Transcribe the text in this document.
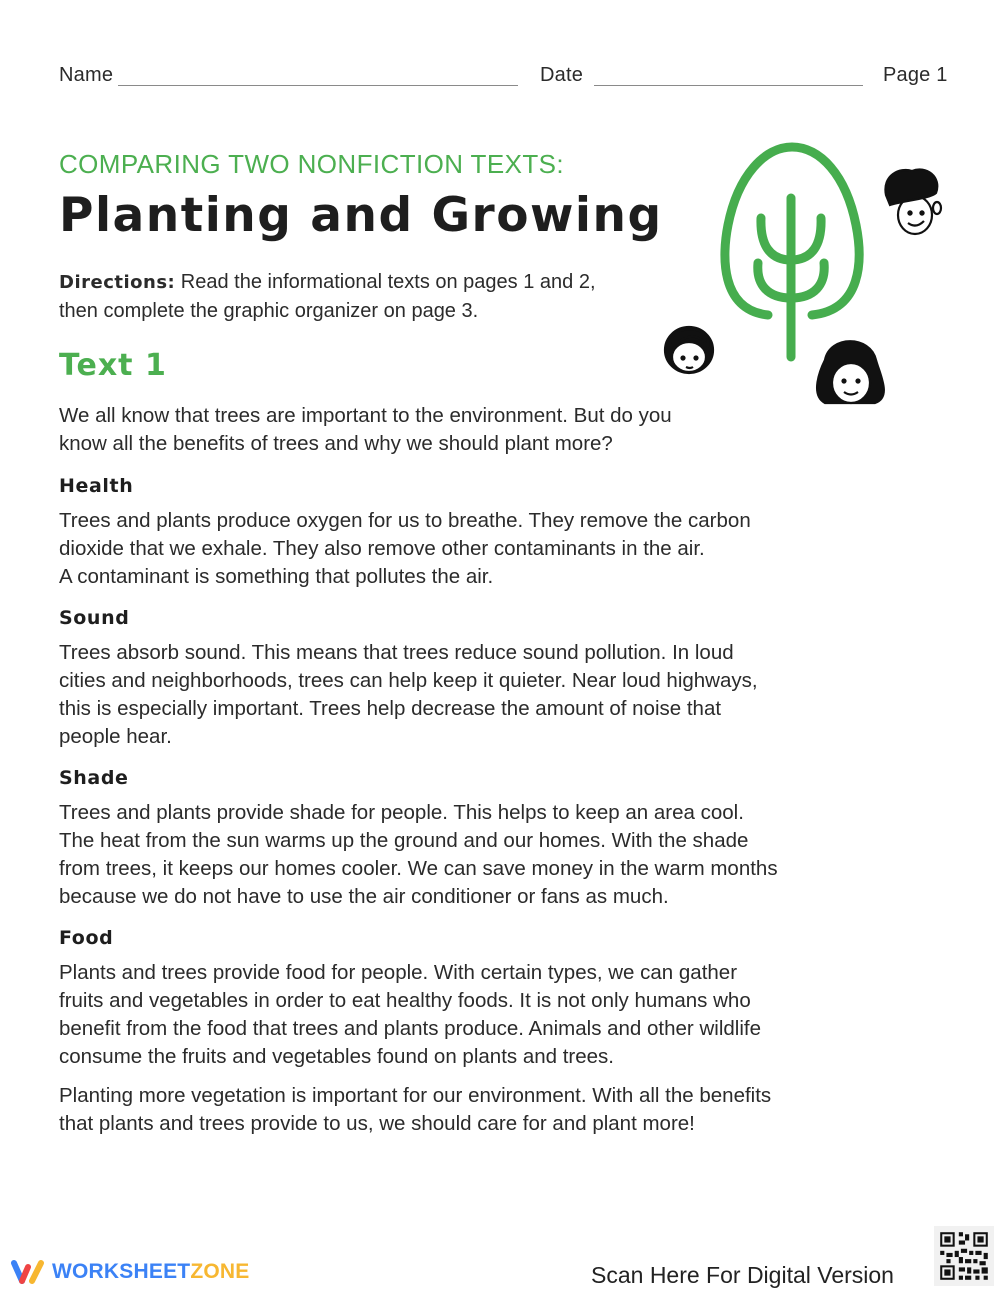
Name	Date	Page 1
COMPARING TWO NONFICTION TEXTS:
Planting and Growing
Directions: Read the informational texts on pages 1 and 2,
then complete the graphic organizer on page 3.
Text 1

We all know that trees are important to the environment. But do you

know all the benefits of trees and why we should plant more?

Health

Trees and plants produce oxygen for us to breathe. They remove the carbon

dioxide that we exhale. They also remove other contaminants in the air.

A contaminant is something that pollutes the air.

Sound

Trees absorb sound. This means that trees reduce sound pollution. In loud

cities and neighborhoods, trees can help keep it quieter. Near loud highways,

this is especially important. Trees help decrease the amount of noise that

people hear.

Shade

Trees and plants provide shade for people. This helps to keep an area cool.

The heat from the sun warms up the ground and our homes. With the shade

from trees, it keeps our homes cooler. We can save money in the warm months

because we do not have to use the air conditioner or fans as much.

Food

Plants and trees provide food for people. With certain types, we can gather

fruits and vegetables in order to eat healthy foods. It is not only humans who

benefit from the food that trees and plants produce. Animals and other wildlife

consume the fruits and vegetables found on plants and trees.

Planting more vegetation is important for our environment. With all the benefits

that plants and trees provide to us, we should care for and plant more!

WORKSHEETZONE	Scan Here For Digital Version
